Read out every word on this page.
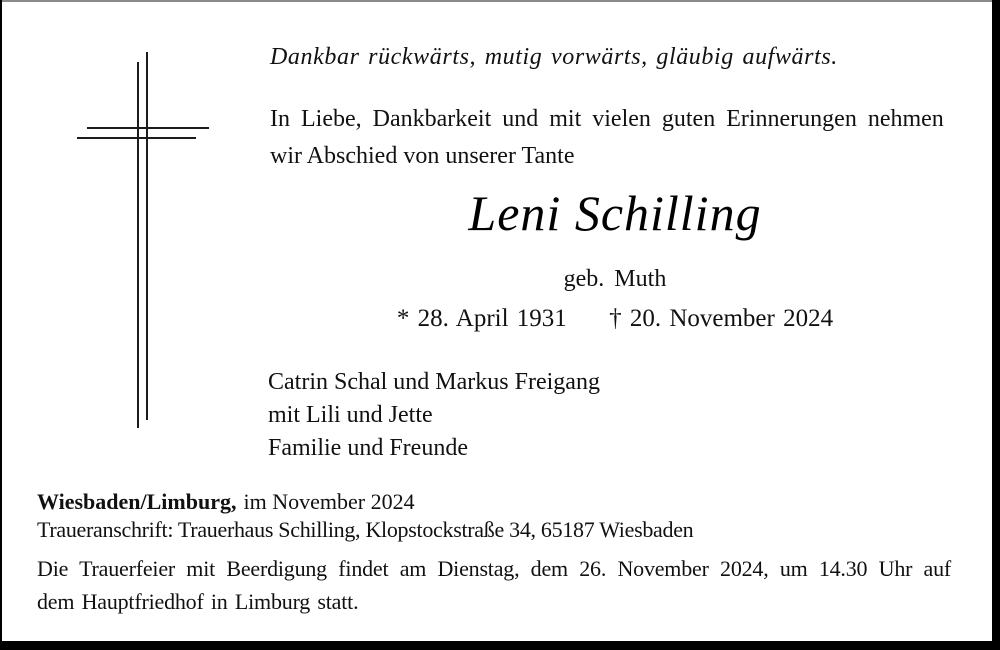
Dankbar rückwärts, mutig vorwärts, gläubig aufwärts.
In Liebe, Dankbarkeit und mit vielen guten Erinnerungen nehmen
wir Abschied von unserer Tante
Leni Schilling
geb. Muth
* 28. April 1931 † 20. November 2024
Catrin Schal und Markus Freigang
mit Lili und Jette
Familie und Freunde
Wiesbaden/Limburg, im November 2024
Traueranschrift: Trauerhaus Schilling, Klopstockstraße 34, 65187 Wiesbaden
Die Trauerfeier mit Beerdigung findet am Dienstag, dem 26. November 2024, um 14.30 Uhr auf
dem Hauptfriedhof in Limburg statt.
